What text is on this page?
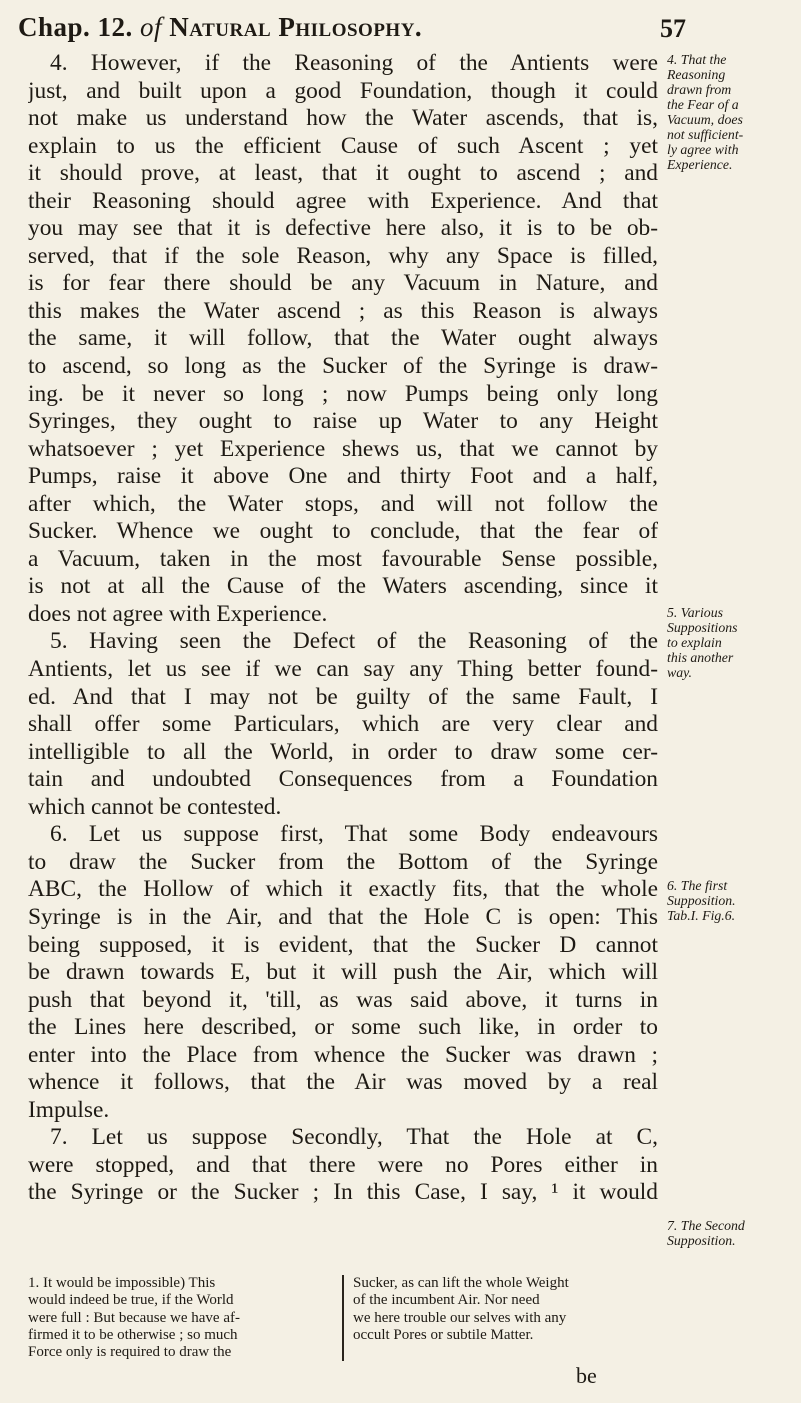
Chap. 12. of Natural Philosophy.	57
4. However, if the Reasoning of the Antients were
just, and built upon a good Foundation, though it could
not make us understand how the Water ascends, that is,
explain to us the efficient Cause of such Ascent ; yet
it should prove, at least, that it ought to ascend ; and
their Reasoning should agree with Experience. And that
you may see that it is defective here also, it is to be ob-
served, that if the sole Reason, why any Space is filled,
is for fear there should be any Vacuum in Nature, and
this makes the Water ascend ; as this Reason is always
the same, it will follow, that the Water ought always
to ascend, so long as the Sucker of the Syringe is draw-
ing. be it never so long ; now Pumps being only long
Syringes, they ought to raise up Water to any Height
whatsoever ; yet Experience shews us, that we cannot by
Pumps, raise it above One and thirty Foot and a half,
after which, the Water stops, and will not follow the
Sucker. Whence we ought to conclude, that the fear of
a Vacuum, taken in the most favourable Sense possible,
is not at all the Cause of the Waters ascending, since it
does not agree with Experience.
5. Having seen the Defect of the Reasoning of the
Antients, let us see if we can say any Thing better found-
ed. And that I may not be guilty of the same Fault, I
shall offer some Particulars, which are very clear and
intelligible to all the World, in order to draw some cer-
tain and undoubted Consequences from a Foundation
which cannot be contested.
6. Let us suppose first, That some Body endeavours
to draw the Sucker from the Bottom of the Syringe
ABC, the Hollow of which it exactly fits, that the whole
Syringe is in the Air, and that the Hole C is open: This
being supposed, it is evident, that the Sucker D cannot
be drawn towards E, but it will push the Air, which will
push that beyond it, 'till, as was said above, it turns in
the Lines here described, or some such like, in order to
enter into the Place from whence the Sucker was drawn ;
whence it follows, that the Air was moved by a real
Impulse.
7. Let us suppose Secondly, That the Hole at C,
were stopped, and that there were no Pores either in
the Syringe or the Sucker ; In this Case, I say, ¹ it would
4. That the
Reasoning
drawn from
the Fear of a
Vacuum, does
not sufficient-
ly agree with
Experience.
5. Various
Suppositions
to explain
this another
way.
6. The first
Supposition.
Tab.I. Fig.6.
7. The Second
Supposition.
1. It would be impossible) This
would indeed be true, if the World
were full : But because we have af-
firmed it to be otherwise ; so much
Force only is required to draw the
Sucker, as can lift the whole Weight
of the incumbent Air. Nor need
we here trouble our selves with any
occult Pores or subtile Matter.
be
